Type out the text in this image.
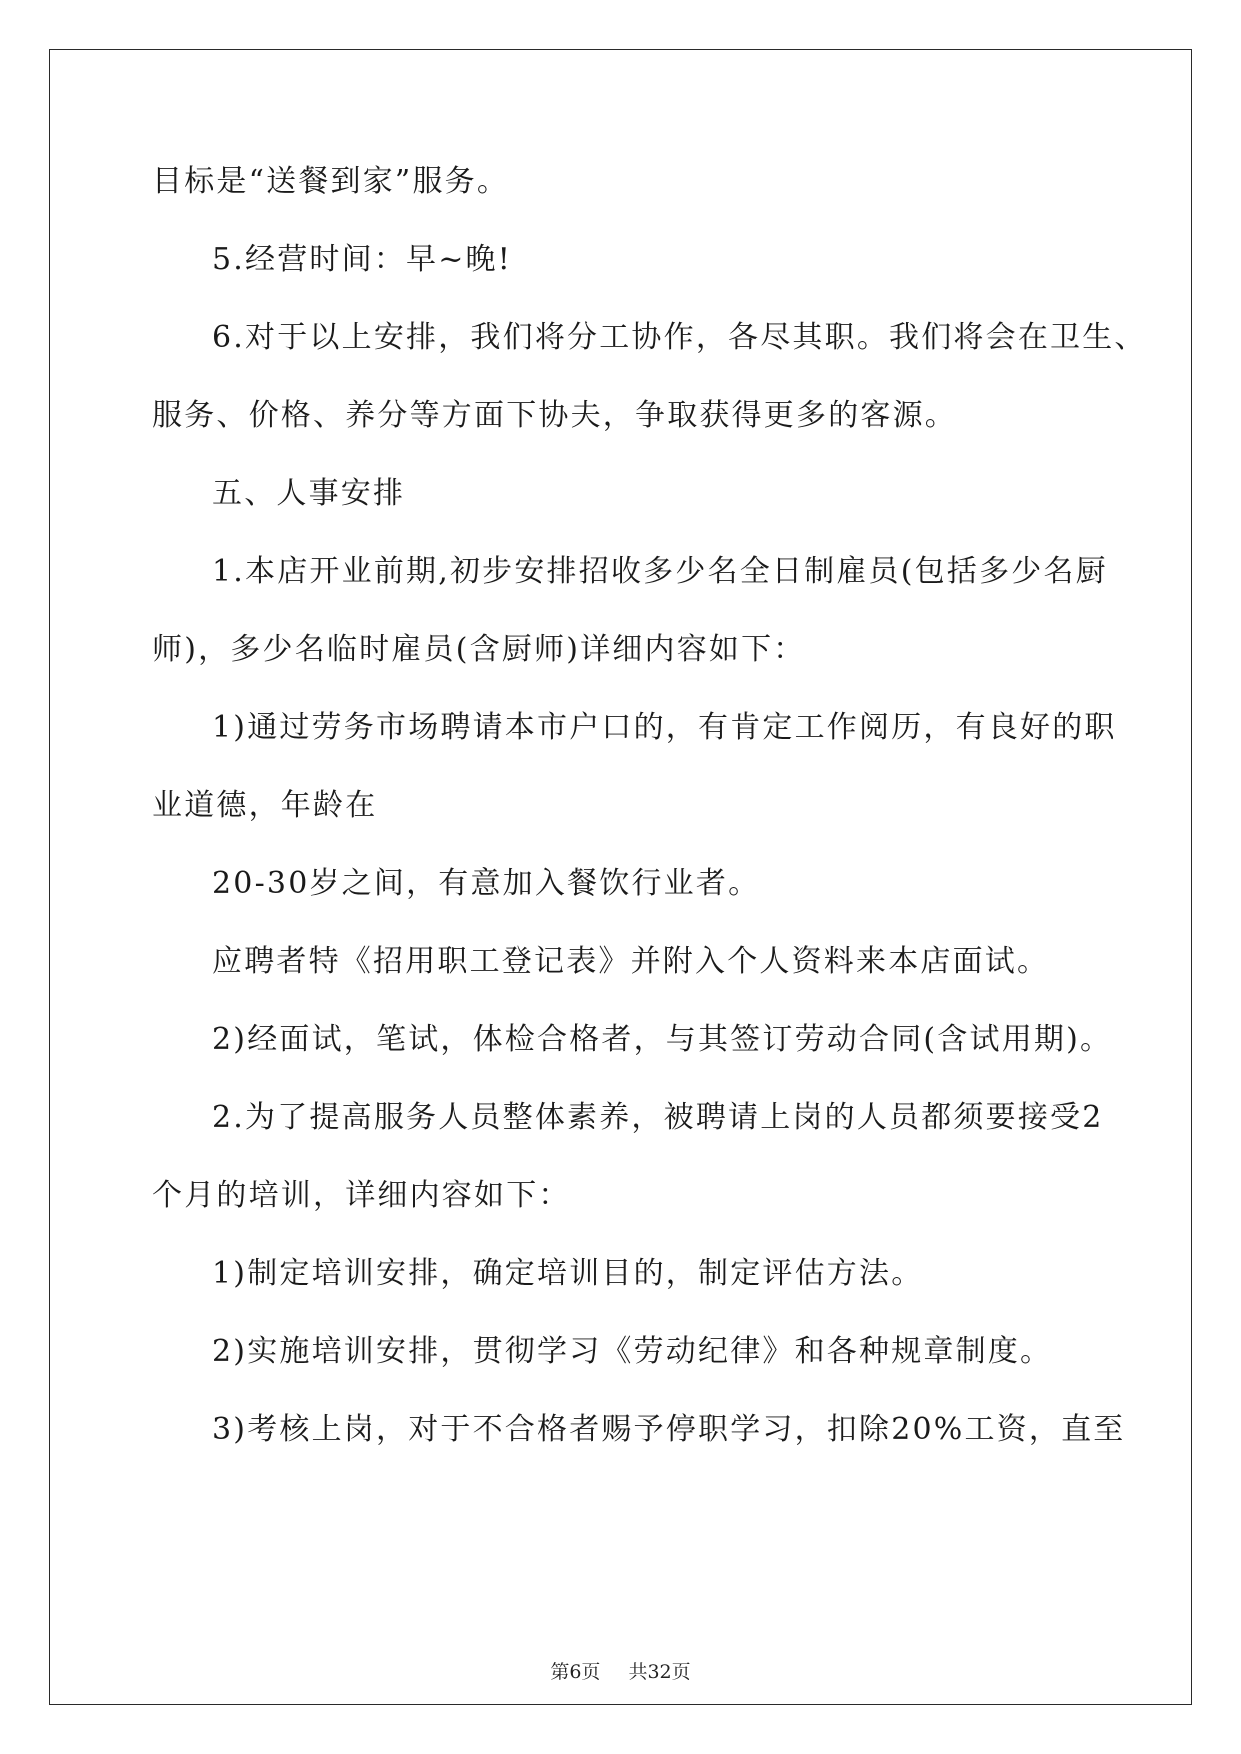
目标是“送餐到家”服务。
5.经营时间：早~晚!
6.对于以上安排，我们将分工协作，各尽其职。我们将会在卫生、
服务、价格、养分等方面下协夫，争取获得更多的客源。
五、人事安排
1.本店开业前期,初步安排招收多少名全日制雇员(包括多少名厨
师)，多少名临时雇员(含厨师)详细内容如下：
1)通过劳务市场聘请本市户口的，有肯定工作阅历，有良好的职
业道德，年龄在
20-30岁之间，有意加入餐饮行业者。
应聘者特《招用职工登记表》并附入个人资料来本店面试。
2)经面试，笔试，体检合格者，与其签订劳动合同(含试用期)。
2.为了提高服务人员整体素养，被聘请上岗的人员都须要接受2
个月的培训，详细内容如下：
1)制定培训安排，确定培训目的，制定评估方法。
2)实施培训安排，贯彻学习《劳动纪律》和各种规章制度。
3)考核上岗，对于不合格者赐予停职学习，扣除20%工资，直至
第6页 共32页
